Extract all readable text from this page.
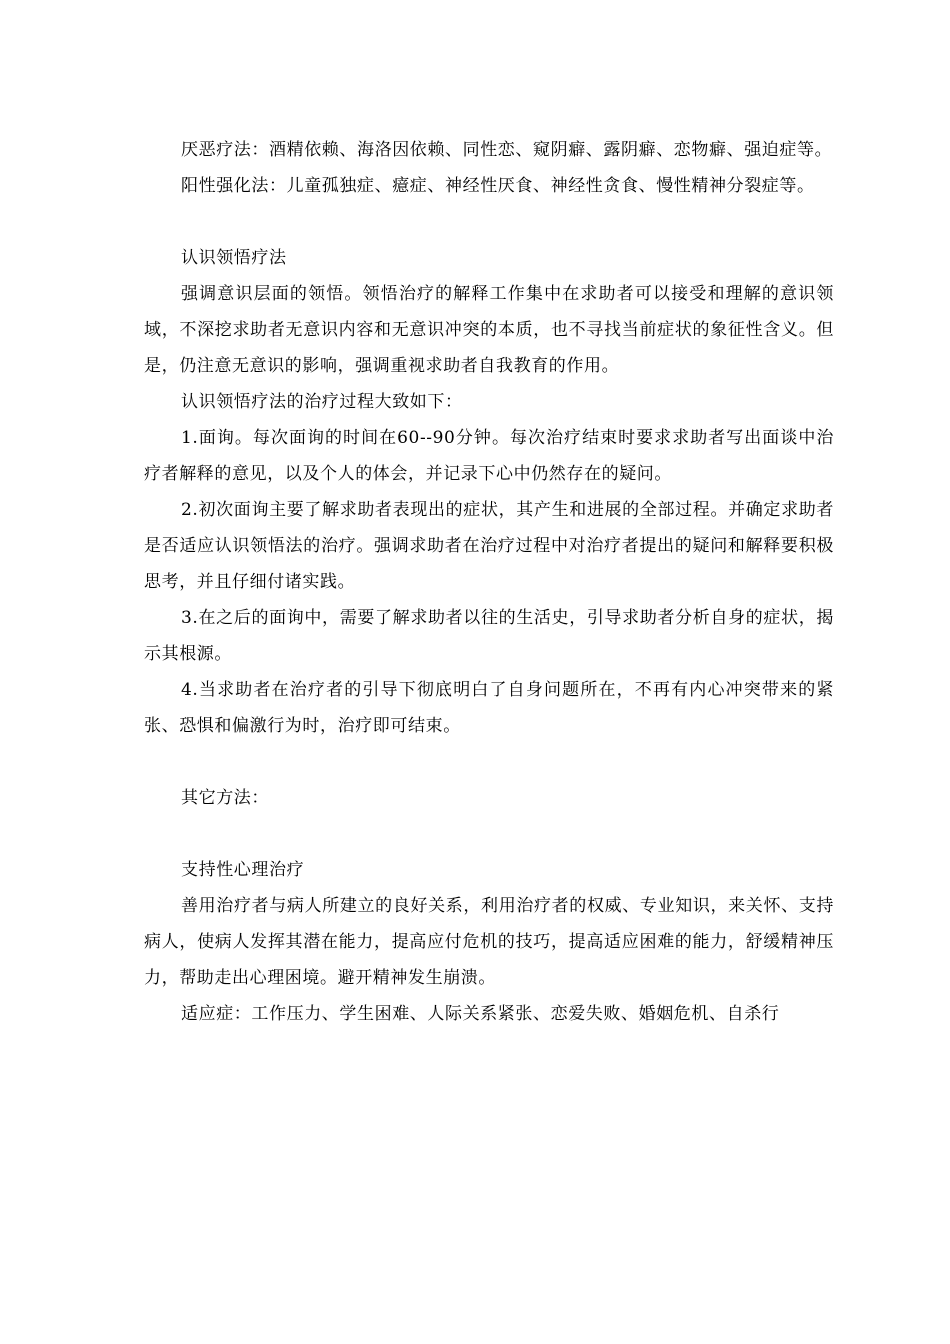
厌恶疗法：酒精依赖、海洛因依赖、同性恋、窥阴癖、露阴癖、恋物癖、强迫症等。

阳性强化法：儿童孤独症、癔症、神经性厌食、神经性贪食、慢性精神分裂症等。

认识领悟疗法

强调意识层面的领悟。领悟治疗的解释工作集中在求助者可以接受和理解的意识领域，不深挖求助者无意识内容和无意识冲突的本质，也不寻找当前症状的象征性含义。但是，仍注意无意识的影响，强调重视求助者自我教育的作用。

认识领悟疗法的治疗过程大致如下：

1.面询。每次面询的时间在60--90分钟。每次治疗结束时要求求助者写出面谈中治疗者解释的意见，以及个人的体会，并记录下心中仍然存在的疑问。

2.初次面询主要了解求助者表现出的症状，其产生和进展的全部过程。并确定求助者是否适应认识领悟法的治疗。强调求助者在治疗过程中对治疗者提出的疑问和解释要积极思考，并且仔细付诸实践。

3.在之后的面询中，需要了解求助者以往的生活史，引导求助者分析自身的症状，揭示其根源。

4.当求助者在治疗者的引导下彻底明白了自身问题所在，不再有内心冲突带来的紧张、恐惧和偏激行为时，治疗即可结束。

其它方法：

支持性心理治疗

善用治疗者与病人所建立的良好关系，利用治疗者的权威、专业知识，来关怀、支持病人，使病人发挥其潜在能力，提高应付危机的技巧，提高适应困难的能力，舒缓精神压力，帮助走出心理困境。避开精神发生崩溃。

适应症：工作压力、学生困难、人际关系紧张、恋爱失败、婚姻危机、自杀行
